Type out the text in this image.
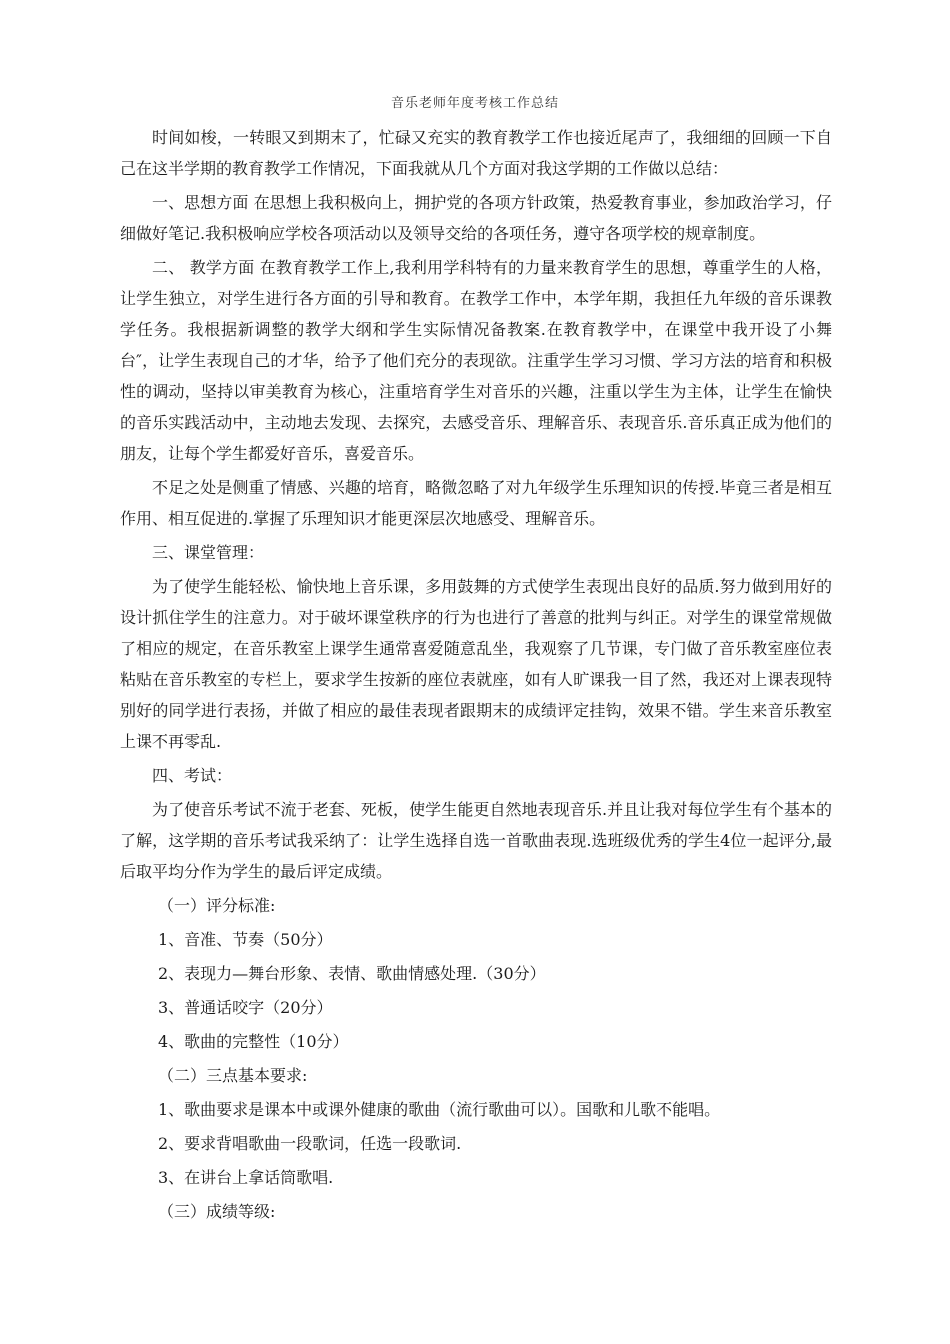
音乐老师年度考核工作总结

时间如梭，一转眼又到期末了，忙碌又充实的教育教学工作也接近尾声了，我细细的回顾一下自己在这半学期的教育教学工作情况，下面我就从几个方面对我这学期的工作做以总结：

一、思想方面 在思想上我积极向上，拥护党的各项方针政策，热爱教育事业，参加政治学习，仔细做好笔记.我积极响应学校各项活动以及领导交给的各项任务，遵守各项学校的规章制度。

二、 教学方面 在教育教学工作上,我利用学科特有的力量来教育学生的思想，尊重学生的人格，让学生独立，对学生进行各方面的引导和教育。在教学工作中，本学年期，我担任九年级的音乐课教学任务。我根据新调整的教学大纲和学生实际情况备教案.在教育教学中，在课堂中我开设了小舞台″，让学生表现自己的才华，给予了他们充分的表现欲。注重学生学习习惯、学习方法的培育和积极性的调动，坚持以审美教育为核心，注重培育学生对音乐的兴趣，注重以学生为主体，让学生在愉快的音乐实践活动中，主动地去发现、去探究，去感受音乐、理解音乐、表现音乐.音乐真正成为他们的朋友，让每个学生都爱好音乐，喜爱音乐。

不足之处是侧重了情感、兴趣的培育，略微忽略了对九年级学生乐理知识的传授.毕竟三者是相互作用、相互促进的.掌握了乐理知识才能更深层次地感受、理解音乐。

三、课堂管理：

为了使学生能轻松、愉快地上音乐课，多用鼓舞的方式使学生表现出良好的品质.努力做到用好的设计抓住学生的注意力。对于破坏课堂秩序的行为也进行了善意的批判与纠正。对学生的课堂常规做了相应的规定，在音乐教室上课学生通常喜爱随意乱坐，我观察了几节课，专门做了音乐教室座位表粘贴在音乐教室的专栏上，要求学生按新的座位表就座，如有人旷课我一目了然，我还对上课表现特别好的同学进行表扬，并做了相应的最佳表现者跟期末的成绩评定挂钩，效果不错。学生来音乐教室上课不再零乱.

四、考试：

为了使音乐考试不流于老套、死板，使学生能更自然地表现音乐.并且让我对每位学生有个基本的了解，这学期的音乐考试我采纳了：让学生选择自选一首歌曲表现.选班级优秀的学生4位一起评分,最后取平均分作为学生的最后评定成绩。

（一）评分标准:

1、音准、节奏（50分）

2、表现力—舞台形象、表情、歌曲情感处理.（30分）

3、普通话咬字（20分）

4、歌曲的完整性（10分）

（二）三点基本要求:

1、歌曲要求是课本中或课外健康的歌曲（流行歌曲可以）。国歌和儿歌不能唱。

2、要求背唱歌曲一段歌词，任选一段歌词.

3、在讲台上拿话筒歌唱.

（三）成绩等级:
